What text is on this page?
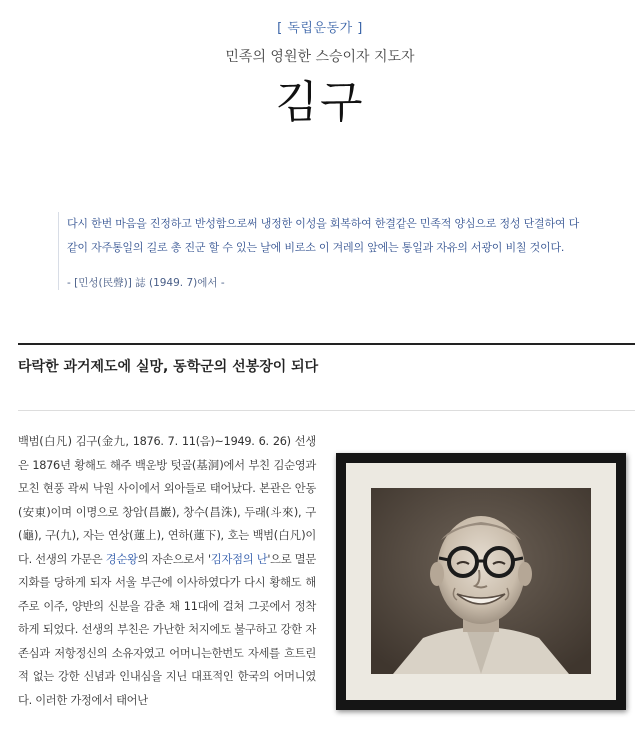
[ 독립운동가 ]
민족의 영원한 스승이자 지도자
김구

다시 한번 마음을 진정하고 반성함으로써 냉정한 이성을 회복하여 한결같은 민족적 양심으로 정성 단결하여 다
같이 자주통일의 길로 총 진군 할 수 있는 날에 비로소 이 겨레의 앞에는 통일과 자유의 서광이 비칠 것이다.

- [민성(民聲)] 誌 (1949. 7)에서 -
타락한 과거제도에 실망, 동학군의 선봉장이 되다

백범(白凡) 김구(金九, 1876. 7. 11(음)~1949. 6. 26) 선생은 1876년 황해도 해주 백운방 텃골(基洞)에서 부친 김순영과 모친 현풍 곽씨 낙원 사이에서 외아들로 태어났다. 본관은 안동(安東)이며 이명으로 창암(昌巖), 창수(昌洙), 두래(斗來), 구(龜), 구(九), 자는 연상(蓮上), 연하(蓮下), 호는 백범(白凡)이다. 선생의 가문은 경순왕의 자손으로서 '김자점의 난'으로 멸문지화를 당하게 되자 서울 부근에 이사하였다가 다시 황해도 해주로 이주, 양반의 신분을 감춘 채 11대에 걸쳐 그곳에서 정착하게 되었다. 선생의 부친은 가난한 처지에도 불구하고 강한 자존심과 저항정신의 소유자였고 어머니는한번도 자세를 흐트린 적 없는 강한 신념과 인내심을 지닌 대표적인 한국의 어머니였다. 이러한 가정에서 태어난
